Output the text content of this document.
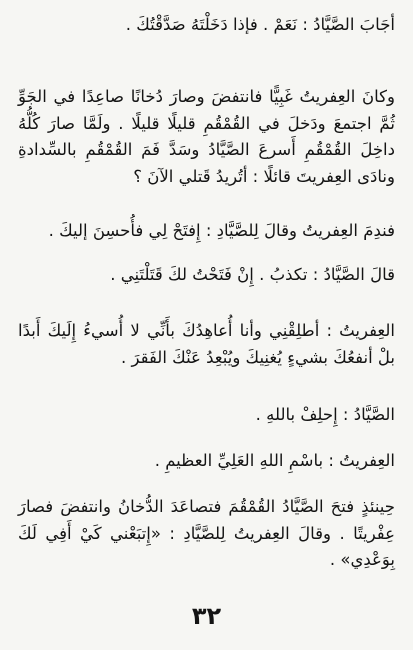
أجَابَ الصَّيَّادُ : نَعَمْ . فإذا دَخَلْتَهُ صَدَّقْتُكَ .
وكانَ العِفريتُ غَبِيًّا فانتفضَ وصارَ دُخانًا صاعِدًا في الجَوِّ ثُمَّ اجتمعَ ودَخلَ في القُمْقُمِ قليلًا قليلًا . ولَمَّا صارَ كُلُّهُ داخِلَ القُمْقُمِ أَسرعَ الصَّيَّادُ وسَدَّ فَمَ القُمْقُمِ بالسِّدادةِ ونادَى العِفريتَ قائلًا : أتُريدُ قَتلي الآنَ ؟
فندِمَ العِفريتُ وقالَ لِلصَّيَّادِ : إِفتَحْ لِي فأُحسِنَ إليكَ .
قالَ الصَّيَّادُ : تكذبُ . إِنْ فَتَحْتُ لكَ قَتَلْتَنِي .
العِفريتُ : أطلِقْنِي وأنا أُعاهِدُكَ بأَنِّي لا أُسيءُ إِلَيكَ أَبدًا بلْ أنفعُكَ بشيءٍ يُغنِيكَ ويُبْعِدُ عَنْكَ الفَقرَ .
الصَّيَّادُ : إِحلِفْ باللهِ .
العِفريتُ : باسْمِ اللهِ العَلِيِّ العظيمِ .
حِينئذٍ فتحَ الصَّيَّادُ القُمْقُمَ فتصاعَدَ الدُّخانُ وانتفضَ فصارَ عِفْريتًا . وقالَ العِفريتُ لِلصَّيَّادِ : «إِتبَعْني كَيْ أَفِي لَكَ بِوَعْدِي» .
٣٢
